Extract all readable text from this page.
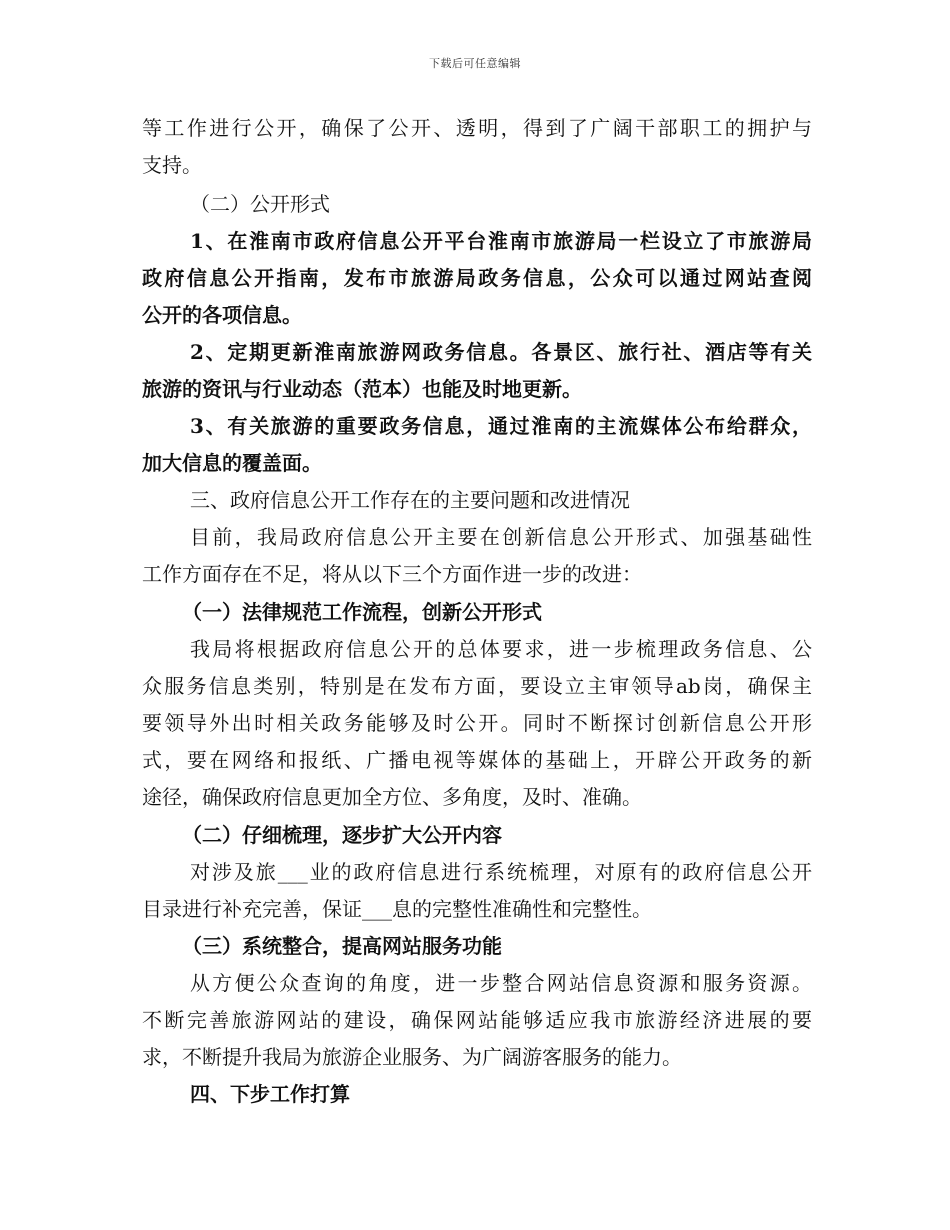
下载后可任意编辑
等工作进行公开，确保了公开、透明，得到了广阔干部职工的拥护与
支持。
（二）公开形式
1、在淮南市政府信息公开平台淮南市旅游局一栏设立了市旅游局
政府信息公开指南，发布市旅游局政务信息，公众可以通过网站查阅
公开的各项信息。
2、定期更新淮南旅游网政务信息。各景区、旅行社、酒店等有关
旅游的资讯与行业动态（范本）也能及时地更新。
3、有关旅游的重要政务信息，通过淮南的主流媒体公布给群众，
加大信息的覆盖面。
三、政府信息公开工作存在的主要问题和改进情况
目前，我局政府信息公开主要在创新信息公开形式、加强基础性
工作方面存在不足，将从以下三个方面作进一步的改进：
（一）法律规范工作流程，创新公开形式
我局将根据政府信息公开的总体要求，进一步梳理政务信息、公
众服务信息类别，特别是在发布方面，要设立主审领导ab岗，确保主
要领导外出时相关政务能够及时公开。同时不断探讨创新信息公开形
式，要在网络和报纸、广播电视等媒体的基础上，开辟公开政务的新
途径，确保政府信息更加全方位、多角度，及时、准确。
（二）仔细梳理，逐步扩大公开内容
对涉及旅___业的政府信息进行系统梳理，对原有的政府信息公开
目录进行补充完善，保证___息的完整性准确性和完整性。
（三）系统整合，提高网站服务功能
从方便公众查询的角度，进一步整合网站信息资源和服务资源。
不断完善旅游网站的建设，确保网站能够适应我市旅游经济进展的要
求，不断提升我局为旅游企业服务、为广阔游客服务的能力。
四、下步工作打算
